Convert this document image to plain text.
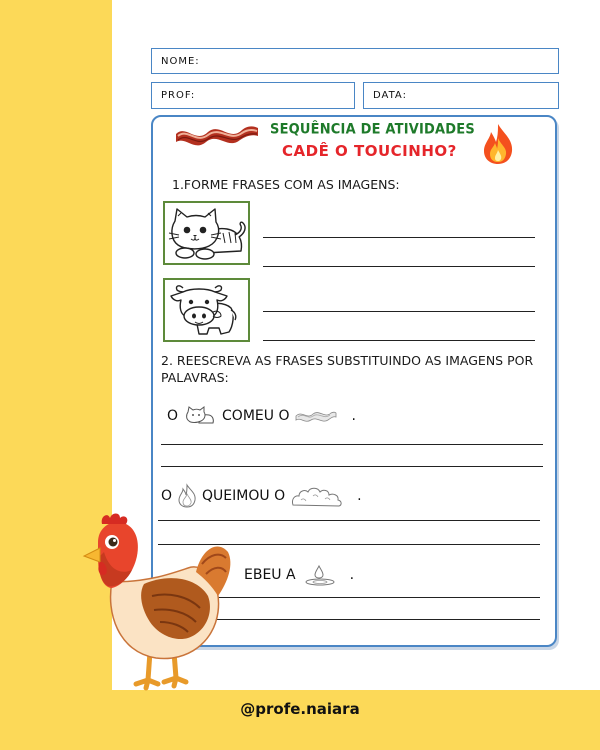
NOME:
PROF:	DATA:
SEQUÊNCIA DE ATIVIDADES
CADÊ O TOUCINHO?
1.FORME FRASES COM AS IMAGENS:
2. REESCREVA AS FRASES SUBSTITUINDO AS IMAGENS POR PALAVRAS:
O	COMEU O	.
O QUEIMOU O	.
EBEU A	.
@profe.naiara
